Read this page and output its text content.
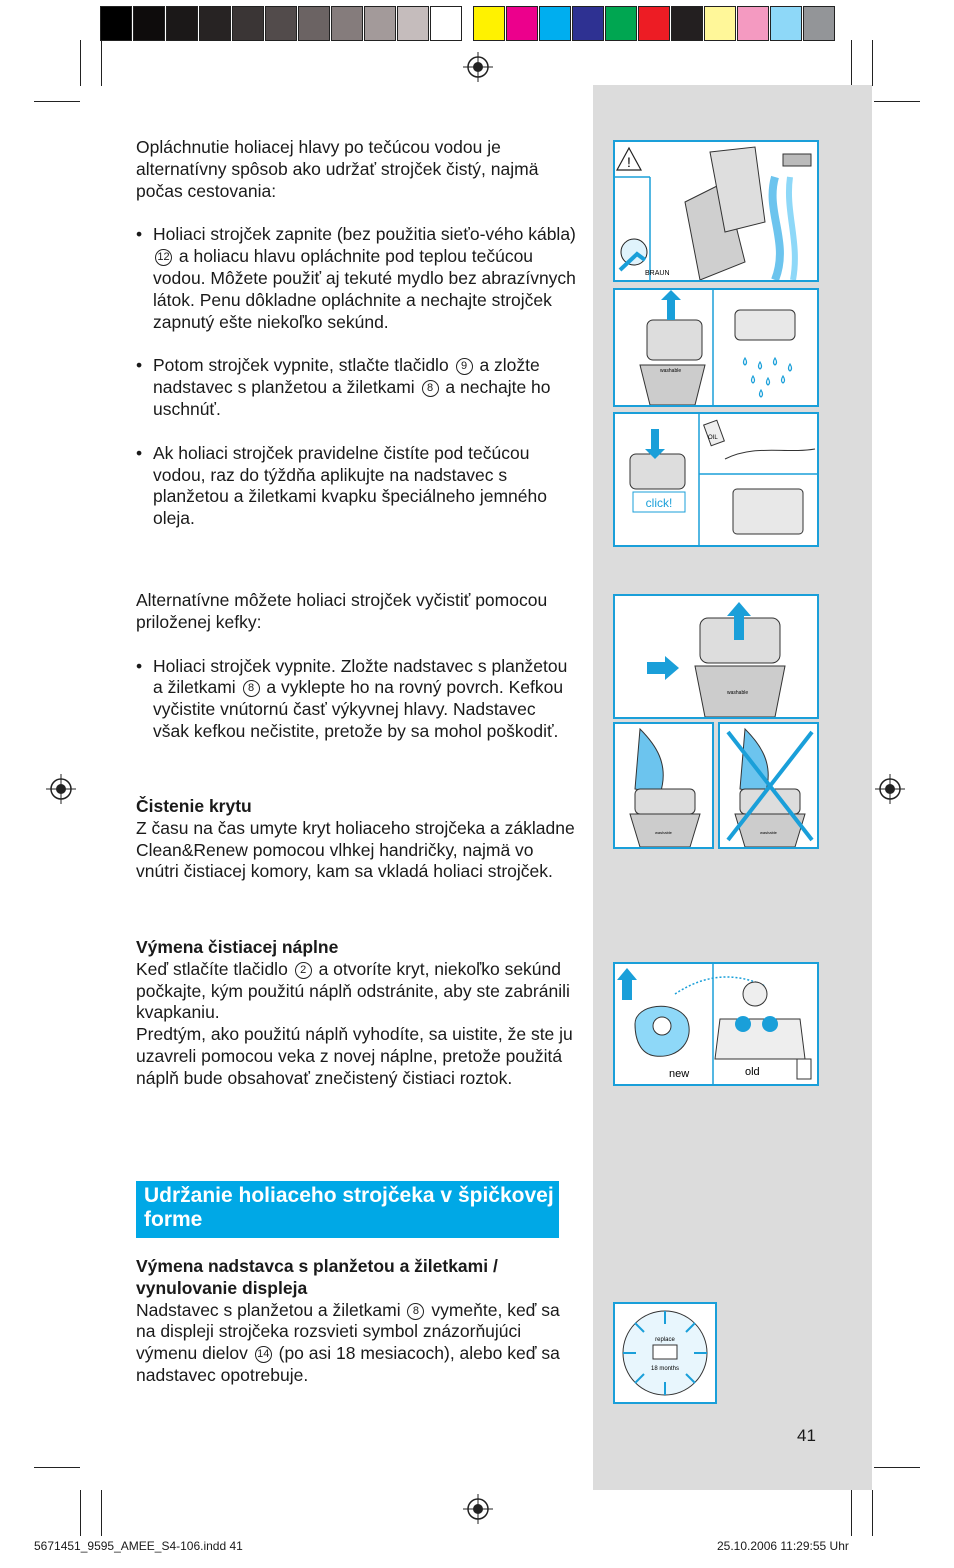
!
BRAUN
washable
click!
OIL
washable
washable	washable
new	old
replace
18 months

Opláchnutie holiacej hlavy po tečúcou vodou je alternatívny spôsob ako udržať strojček čistý, najmä počas cestovania:

• Holiaci strojček zapnite (bez použitia sieťo-vého kábla) 12 a holiacu hlavu opláchnite pod teplou tečúcou vodou. Môžete použiť aj tekuté mydlo bez abrazívnych látok. Penu dôkladne opláchnite a nechajte strojček zapnutý ešte niekoľko sekúnd.

• Potom strojček vypnite, stlačte tlačidlo 9 a zložte nadstavec s planžetou a žiletkami 8 a nechajte ho uschnúť.

• Ak holiaci strojček pravidelne čistíte pod tečúcou vodou, raz do týždňa aplikujte na nadstavec s planžetou a žiletkami kvapku špeciálneho jemného oleja.

Alternatívne môžete holiaci strojček vyčistiť pomocou priloženej kefky:

• Holiaci strojček vypnite. Zložte nadstavec s planžetou a žiletkami 8 a vyklepte ho na rovný povrch. Kefkou vyčistite vnútornú časť výkyvnej hlavy. Nadstavec však kefkou nečistite, pretože by sa mohol poškodiť.

Čistenie krytu

Z času na čas umyte kryt holiaceho strojčeka a základne Clean&Renew pomocou vlhkej handričky, najmä vo vnútri čistiacej komory, kam sa vkladá holiaci strojček.

Výmena čistiacej náplne

Keď stlačíte tlačidlo 2 a otvoríte kryt, niekoľko sekúnd počkajte, kým použitú náplň odstránite, aby ste zabránili kvapkaniu.

Predtým, ako použitú náplň vyhodíte, sa uistite, že ste ju uzavreli pomocou veka z novej náplne, pretože použitá náplň bude obsahovať znečistený čistiaci roztok.

Udržanie holiaceho strojčeka v špičkovej forme

Výmena nadstavca s planžetou a žiletkami / vynulovanie displeja

Nadstavec s planžetou a žiletkami 8 vymeňte, keď sa na displeji strojčeka rozsvieti symbol znázorňujúci výmenu dielov 14 (po asi 18 mesiacoch), alebo keď sa nadstavec opotrebuje.

41
5671451_9595_AMEE_S4-106.indd 41	25.10.2006 11:29:55 Uhr
